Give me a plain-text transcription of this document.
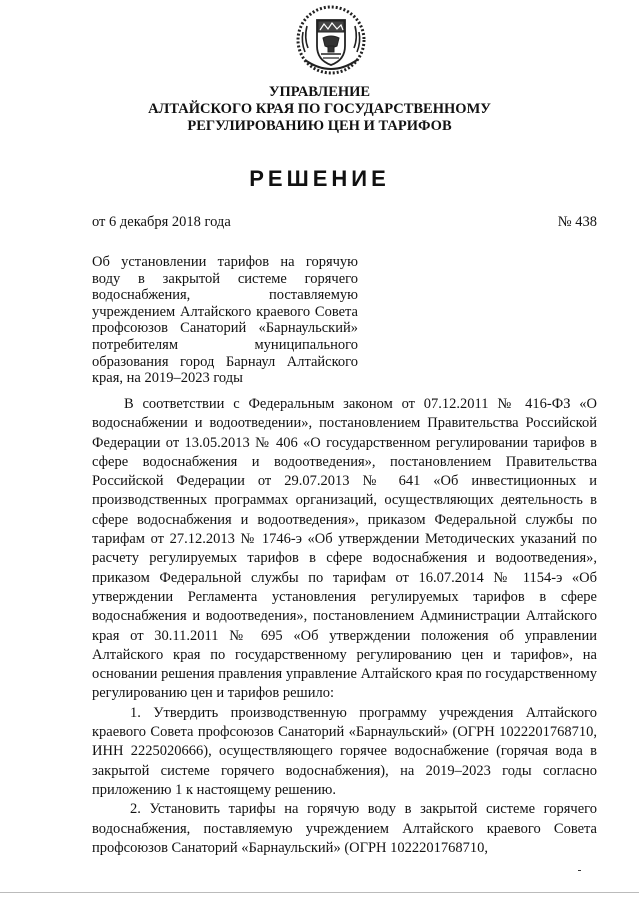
УПРАВЛЕНИЕ
АЛТАЙСКОГО КРАЯ ПО ГОСУДАРСТВЕННОМУ
РЕГУЛИРОВАНИЮ ЦЕН И ТАРИФОВ
РЕШЕНИЕ
от 6 декабря 2018 года	№ 438
Об установлении тарифов на горячую воду в закрытой системе горячего водоснабжения, поставляемую учреждением Алтайского краевого Совета профсоюзов Санаторий «Барнаульский» потребителям муниципального образования город Барнаул Алтайского края, на 2019–2023 годы

В соответствии с Федеральным законом от 07.12.2011 № 416-ФЗ «О водоснабжении и водоотведении», постановлением Правительства Российской Федерации от 13.05.2013 № 406 «О государственном регулировании тарифов в сфере водоснабжения и водоотведения», постановлением Правительства Российской Федерации от 29.07.2013 № 641 «Об инвестиционных и производственных программах организаций, осуществляющих деятельность в сфере водоснабжения и водоотведения», приказом Федеральной службы по тарифам от 27.12.2013 № 1746-э «Об утверждении Методических указаний по расчету регулируемых тарифов в сфере водоснабжения и водоотведения», приказом Федеральной службы по тарифам от 16.07.2014 № 1154-э «Об утверждении Регламента установления регулируемых тарифов в сфере водоснабжения и водоотведения», постановлением Администрации Алтайского края от 30.11.2011 № 695 «Об утверждении положения об управлении Алтайского края по государственному регулированию цен и тарифов», на основании решения правления управление Алтайского края по государственному регулированию цен и тарифов решило:

1. Утвердить производственную программу учреждения Алтайского краевого Совета профсоюзов Санаторий «Барнаульский» (ОГРН 1022201768710, ИНН 2225020666), осуществляющего горячее водоснабжение (горячая вода в закрытой системе горячего водоснабжения), на 2019–2023 годы согласно приложению 1 к настоящему решению.

2. Установить тарифы на горячую воду в закрытой системе горячего водоснабжения, поставляемую учреждением Алтайского краевого Совета профсоюзов Санаторий «Барнаульский» (ОГРН 1022201768710,
